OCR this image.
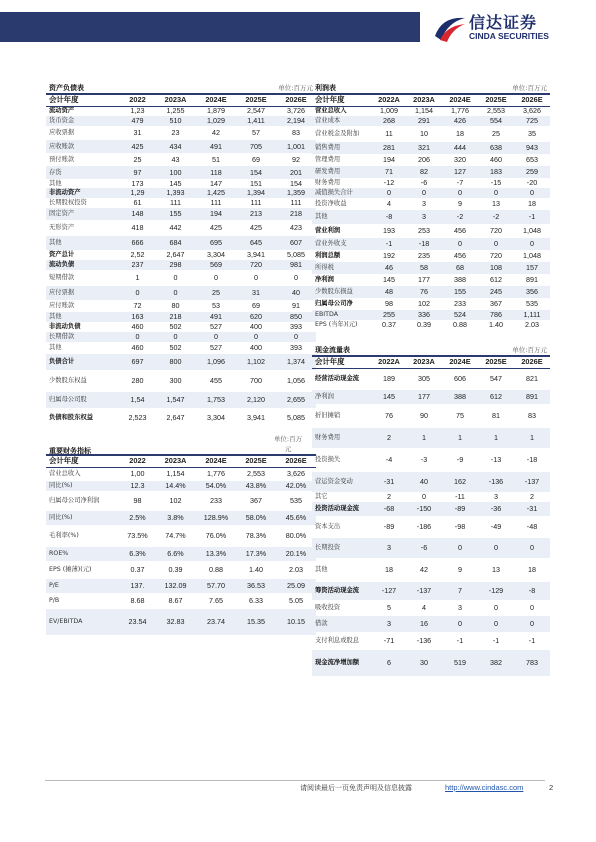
信达证券
CINDA SECURITIES
资产负债表	单位:百万元
会计年度	2022	2023A	2024E	2025E	2026E
流动资产	1,23	1,255	1,879	2,547	3,726
货币资金	479	510	1,029	1,411	2,194
应收票据	31	23	42	57	83
应收账款	425	434	491	705	1,001
预付账款	25	43	51	69	92
存货	97	100	118	154	201
其他	173	145	147	151	154
非流动资产	1,29	1,393	1,425	1,394	1,359
长期股权投资	61	111	111	111	111
固定资产	148	155	194	213	218
无形资产	418	442	425	425	423
其他	666	684	695	645	607
资产总计	2,52	2,647	3,304	3,941	5,085
流动负债	237	298	569	720	981
短期借款	1	0	0	0	0
应付票据	0	0	25	31	40
应付账款	72	80	53	69	91
其他	163	218	491	620	850
非流动负债	460	502	527	400	393
长期借款	0	0	0	0	0
其他	460	502	527	400	393
负债合计	697	800	1,096	1,102	1,374
少数股东权益	280	300	455	700	1,056
归属母公司股	1,54	1,547	1,753	2,120	2,655
负债和股东权益	2,523	2,647	3,304	3,941	5,085
重要财务指标
单位:百万元
会计年度	2022	2023A	2024E	2025E	2026E
营业总收入	1,00	1,154	1,776	2,553	3,626
同比(%)	12.3	14.4%	54.0%	43.8%	42.0%
归属母公司净利润	98	102	233	367	535
同比(%)	2.5%	3.8%	128.9%	58.0%	45.6%
毛利率(%)	73.5%	74.7%	76.0%	78.3%	80.0%
ROE%	6.3%	6.6%	13.3%	17.3%	20.1%
EPS (摊薄)(元)	0.37	0.39	0.88	1.40	2.03
P/E	137.	132.09	57.70	36.53	25.09
P/B	8.68	8.67	7.65	6.33	5.05
EV/EBITDA	23.54	32.83	23.74	15.35	10.15
利润表	单位:百万元
会计年度	2022A	2023A	2024E	2025E	2026E
营业总收入	1,009	1,154	1,776	2,553	3,626
营业成本	268	291	426	554	725
营业税金及附加	11	10	18	25	35
销售费用	281	321	444	638	943
管理费用	194	206	320	460	653
研发费用	71	82	127	183	259
财务费用	-12	-6	-7	-15	-20
减值损失合计	0	0	0	0	0
投资净收益	4	3	9	13	18
其他	-8	3	-2	-2	-1
营业利润	193	253	456	720	1,048
营业外收支	-1	-18	0	0	0
利润总额	192	235	456	720	1,048
所得税	46	58	68	108	157
净利润	145	177	388	612	891
少数股东损益	48	76	155	245	356
归属母公司净	98	102	233	367	535
EBITDA	255	336	524	786	1,111
EPS (当年)(元)	0.37	0.39	0.88	1.40	2.03
现金流量表	单位:百万元
会计年度	2022A	2023A	2024E	2025E	2026E
经营活动现金流	189	305	606	547	821
净利润	145	177	388	612	891
折旧摊销	76	90	75	81	83
财务费用	2	1	1	1	1
投资损失	-4	-3	-9	-13	-18
营运资金变动	-31	40	162	-136	-137
其它	2	0	-11	3	2
投资活动现金流	-68	-150	-89	-36	-31
资本支出	-89	-186	-98	-49	-48
长期投资	3	-6	0	0	0
其他	18	42	9	13	18
筹资活动现金流	-127	-137	7	-129	-8
吸收投资	5	4	3	0	0
借款	3	16	0	0	0
支付利息或股息	-71	-136	-1	-1	-1
现金流净增加额	6	30	519	382	783
请阅读最后一页免责声明及信息披露	http://www.cindasc.com	2
